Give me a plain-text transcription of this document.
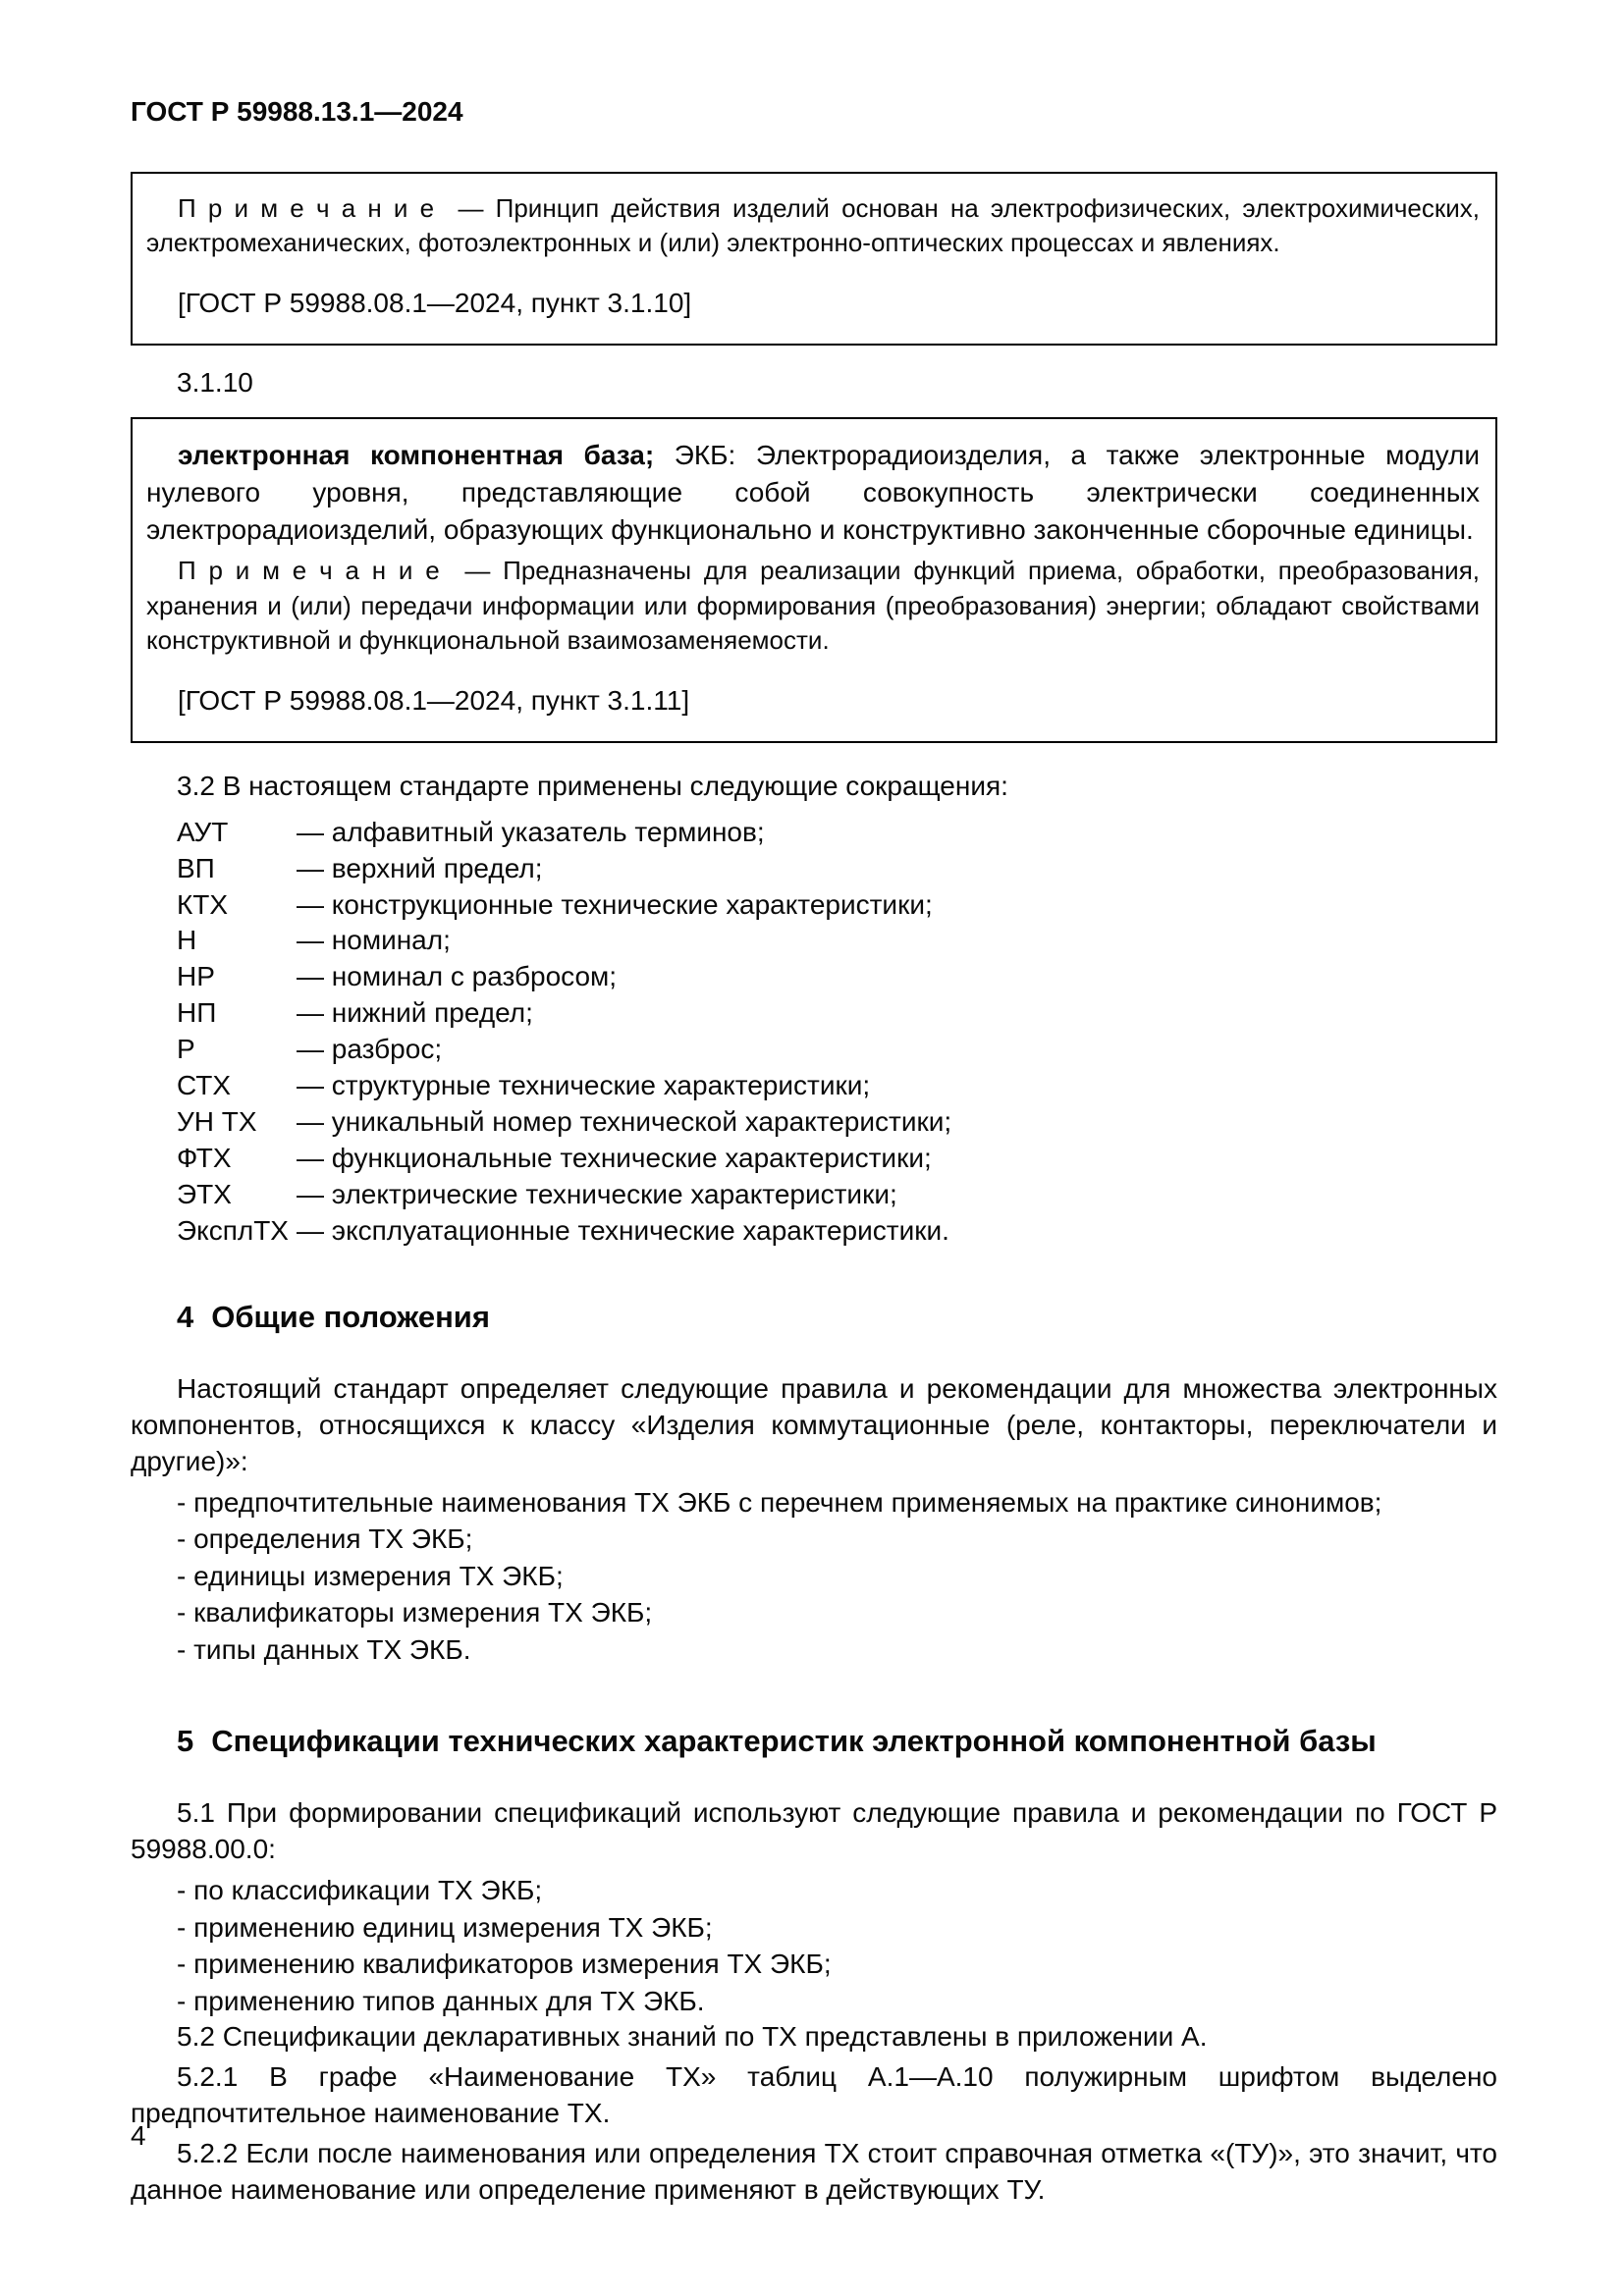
ГОСТ Р 59988.13.1—2024

П р и м е ч а н и е — Принцип действия изделий основан на электрофизических, электрохимических, электромеханических, фотоэлектронных и (или) электронно-оптических процессах и явлениях.

[ГОСТ Р 59988.08.1—2024, пункт 3.1.10]

3.1.10

электронная компонентная база; ЭКБ: Электрорадиоизделия, а также электронные модули нулевого уровня, представляющие собой совокупность электрически соединенных электрорадиоизделий, образующих функционально и конструктивно законченные сборочные единицы.

П р и м е ч а н и е — Предназначены для реализации функций приема, обработки, преобразования, хранения и (или) передачи информации или формирования (преобразования) энергии; обладают свойствами конструктивной и функциональной взаимозаменяемости.

[ГОСТ Р 59988.08.1—2024, пункт 3.1.11]

3.2 В настоящем стандарте применены следующие сокращения:

АУТ	— алфавитный указатель терминов;
ВП	— верхний предел;
КТХ	— конструкционные технические характеристики;
Н	— номинал;
НР	— номинал с разбросом;
НП	— нижний предел;
Р	— разброс;
СТХ	— структурные технические характеристики;
УН ТХ	— уникальный номер технической характеристики;
ФТХ	— функциональные технические характеристики;
ЭТХ	— электрические технические характеристики;
ЭксплТХ — эксплуатационные технические характеристики.
4 Общие положения

Настоящий стандарт определяет следующие правила и рекомендации для множества электронных компонентов, относящихся к классу «Изделия коммутационные (реле, контакторы, переключатели и другие)»:

- предпочтительные наименования ТХ ЭКБ с перечнем применяемых на практике синонимов;

- определения ТХ ЭКБ;

- единицы измерения ТХ ЭКБ;

- квалификаторы измерения ТХ ЭКБ;

- типы данных ТХ ЭКБ.

5 Спецификации технических характеристик электронной компонентной базы

5.1 При формировании спецификаций используют следующие правила и рекомендации по ГОСТ Р 59988.00.0:

- по классификации ТХ ЭКБ;

- применению единиц измерения ТХ ЭКБ;

- применению квалификаторов измерения ТХ ЭКБ;

- применению типов данных для ТХ ЭКБ.

5.2 Спецификации декларативных знаний по ТХ представлены в приложении А.

5.2.1 В графе «Наименование ТХ» таблиц А.1—А.10 полужирным шрифтом выделено предпочтительное наименование ТХ.

5.2.2 Если после наименования или определения ТХ стоит справочная отметка «(ТУ)», это значит, что данное наименование или определение применяют в действующих ТУ.

4
